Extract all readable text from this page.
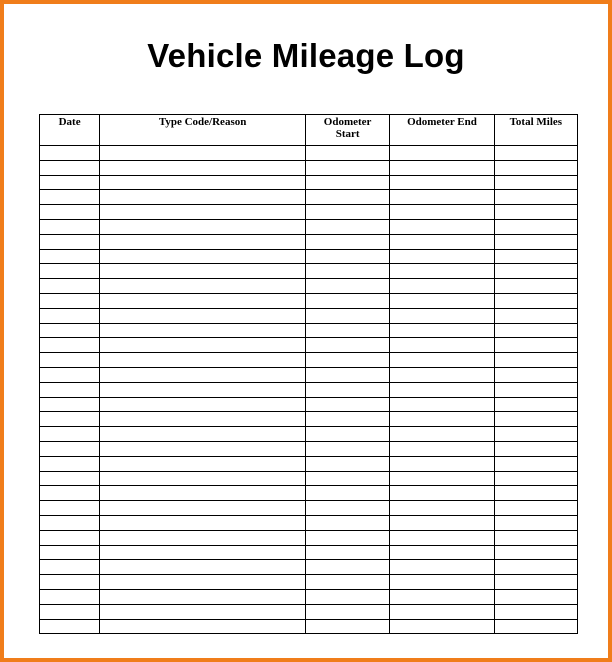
Vehicle Mileage Log
Date	Type Code/Reason	Odometer Start	Odometer End	Total Miles
